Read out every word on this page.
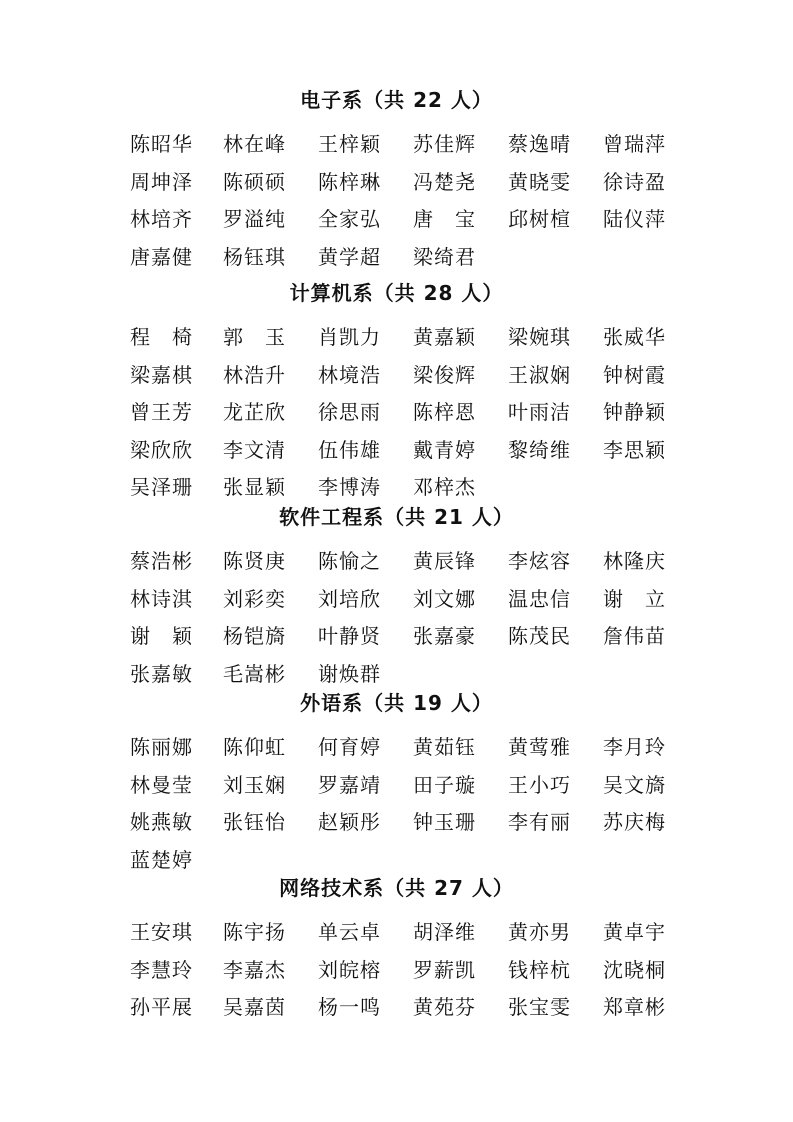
电子系（共 22 人）
陈昭华	林在峰	王梓颖	苏佳辉	蔡逸晴	曾瑞萍
周坤泽	陈硕硕	陈梓琳	冯楚尧	黄晓雯	徐诗盈
林培齐	罗溢纯	全家弘	唐　宝	邱树楦	陆仪萍
唐嘉健	杨钰琪	黄学超	梁绮君
计算机系（共 28 人）
程　椅	郭　玉	肖凯力	黄嘉颖	梁婉琪	张威华
梁嘉棋	林浩升	林境浩	梁俊辉	王淑娴	钟树霞
曾王芳	龙芷欣	徐思雨	陈梓恩	叶雨洁	钟静颖
梁欣欣	李文清	伍伟雄	戴青婷	黎绮维	李思颖
吴泽珊	张显颖	李博涛	邓梓杰
软件工程系（共 21 人）
蔡浩彬	陈贤庚	陈愉之	黄辰锋	李炫容	林隆庆
林诗淇	刘彩奕	刘培欣	刘文娜	温忠信	谢　立
谢　颖	杨铠旖	叶静贤	张嘉豪	陈茂民	詹伟苗
张嘉敏	毛嵩彬	谢焕群
外语系（共 19 人）
陈丽娜	陈仰虹	何育婷	黄茹钰	黄莺雅	李月玲
林曼莹	刘玉娴	罗嘉靖	田子璇	王小巧	吴文旖
姚燕敏	张钰怡	赵颖彤	钟玉珊	李有丽	苏庆梅
蓝楚婷
网络技术系（共 27 人）
王安琪	陈宇扬	单云卓	胡泽维	黄亦男	黄卓宇
李慧玲	李嘉杰	刘皖榕	罗薪凯	钱梓杭	沈晓桐
孙平展	吴嘉茵	杨一鸣	黄苑芬	张宝雯	郑章彬
